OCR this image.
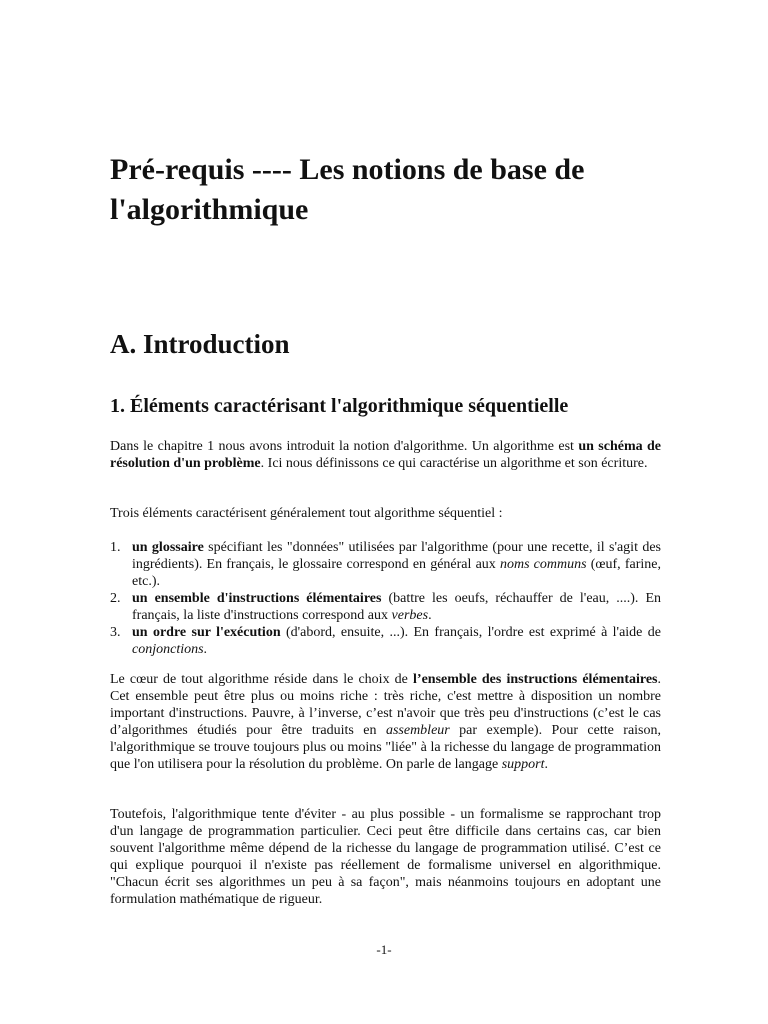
Pré-requis ---- Les notions de base de l'algorithmique
A. Introduction
1. Éléments caractérisant l'algorithmique séquentielle

Dans le chapitre 1 nous avons introduit la notion d'algorithme. Un algorithme est un schéma de résolution d'un problème. Ici nous définissons ce qui caractérise un algorithme et son écriture.

Trois éléments caractérisent généralement tout algorithme séquentiel :

1. un glossaire spécifiant les "données" utilisées par l'algorithme (pour une recette, il s'agit des ingrédients). En français, le glossaire correspond en général aux noms communs (œuf, farine, etc.).
2. un ensemble d'instructions élémentaires (battre les oeufs, réchauffer de l'eau, ....). En français, la liste d'instructions correspond aux verbes.
3. un ordre sur l'exécution (d'abord, ensuite, ...). En français, l'ordre est exprimé à l'aide de conjonctions.

Le cœur de tout algorithme réside dans le choix de l’ensemble des instructions élémentaires. Cet ensemble peut être plus ou moins riche : très riche, c'est mettre à disposition un nombre important d'instructions. Pauvre, à l’inverse, c’est n'avoir que très peu d'instructions (c’est le cas d’algorithmes étudiés pour être traduits en assembleur par exemple). Pour cette raison, l'algorithmique se trouve toujours plus ou moins "liée" à la richesse du langage de programmation que l'on utilisera pour la résolution du problème. On parle de langage support.

Toutefois, l'algorithmique tente d'éviter - au plus possible - un formalisme se rapprochant trop d'un langage de programmation particulier. Ceci peut être difficile dans certains cas, car bien souvent l'algorithme même dépend de la richesse du langage de programmation utilisé. C’est ce qui explique pourquoi il n'existe pas réellement de formalisme universel en algorithmique. "Chacun écrit ses algorithmes un peu à sa façon", mais néanmoins toujours en adoptant une formulation mathématique de rigueur.

-1-
